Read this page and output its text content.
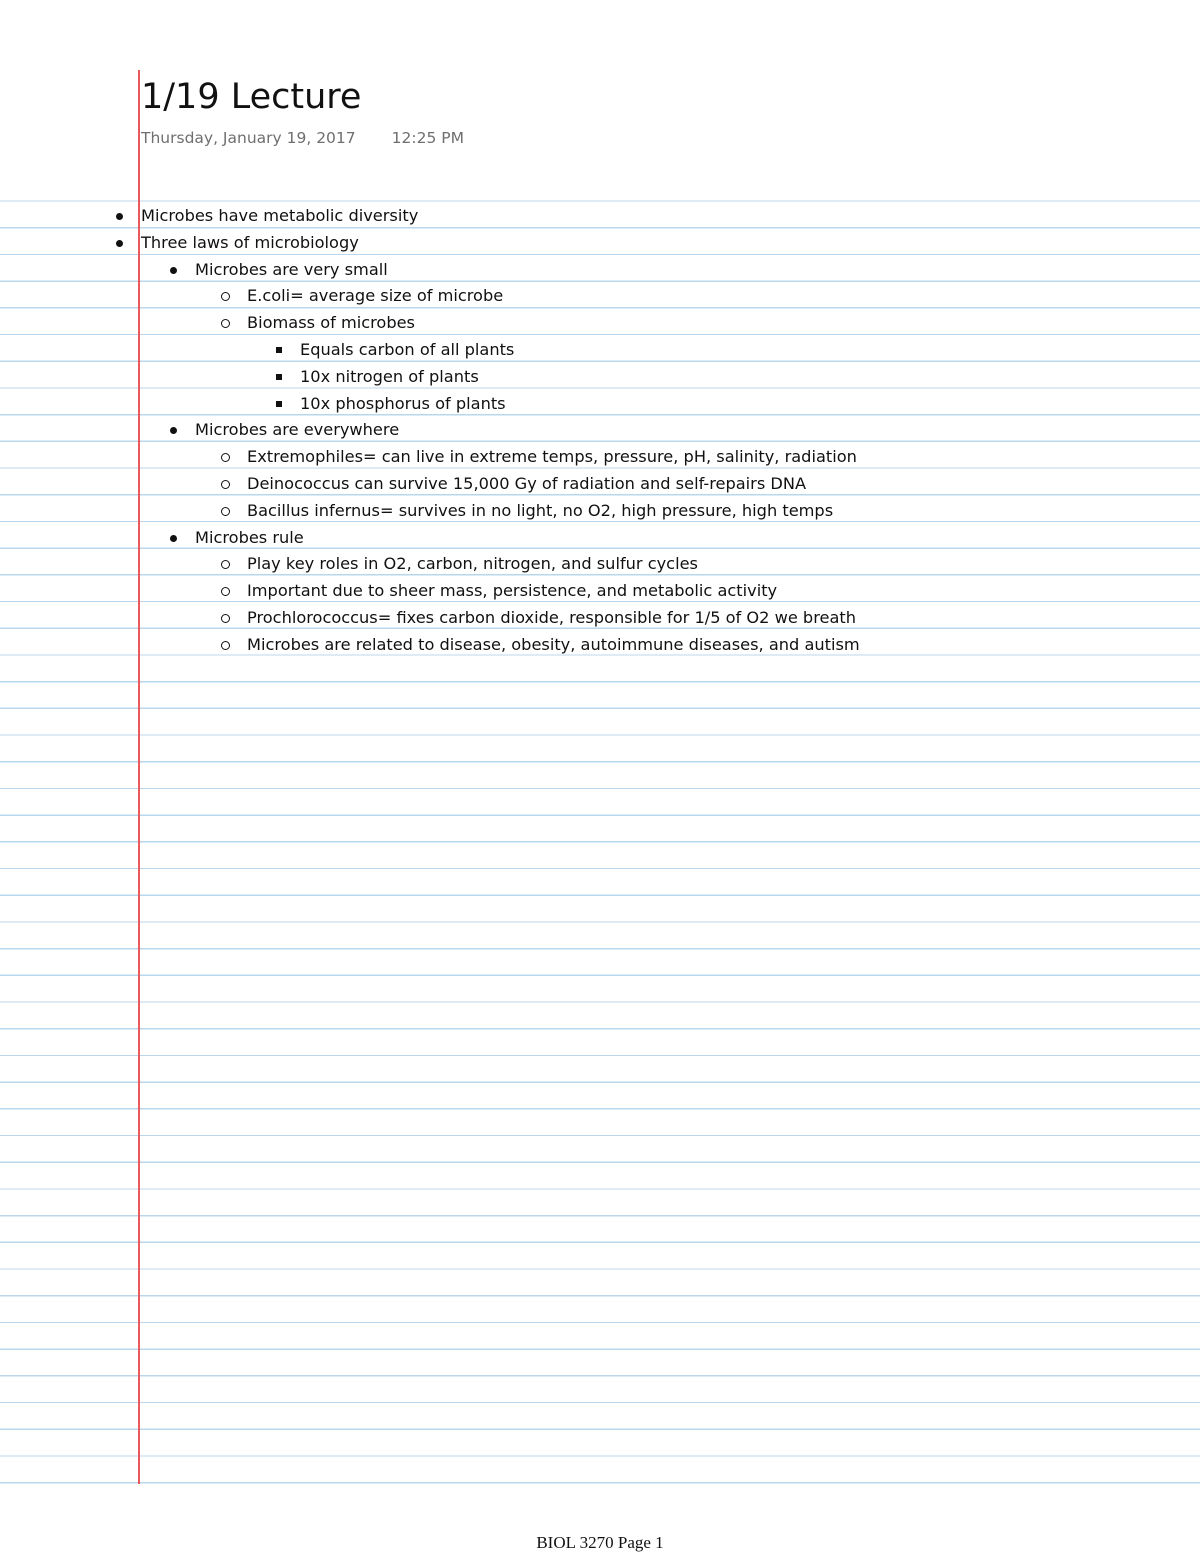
1/19 Lecture
Thursday, January 19, 2017 12:25 PM
Microbes have metabolic diversity
Three laws of microbiology
Microbes are very small
E.coli= average size of microbe
Biomass of microbes
Equals carbon of all plants
10x nitrogen of plants
10x phosphorus of plants
Microbes are everywhere
Extremophiles= can live in extreme temps, pressure, pH, salinity, radiation
Deinococcus can survive 15,000 Gy of radiation and self-repairs DNA
Bacillus infernus= survives in no light, no O2, high pressure, high temps
Microbes rule
Play key roles in O2, carbon, nitrogen, and sulfur cycles
Important due to sheer mass, persistence, and metabolic activity
Prochlorococcus= fixes carbon dioxide, responsible for 1/5 of O2 we breath
Microbes are related to disease, obesity, autoimmune diseases, and autism
BIOL 3270 Page 1
